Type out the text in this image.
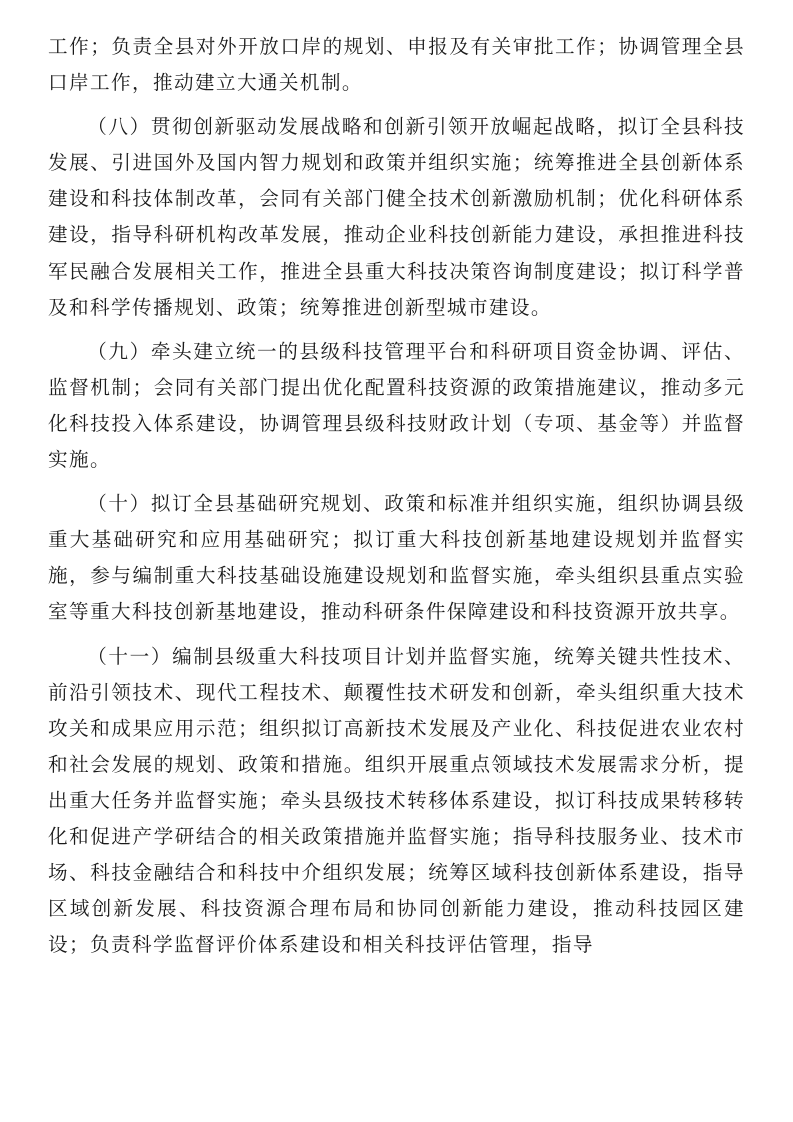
工作；负责全县对外开放口岸的规划、申报及有关审批工作；协调管理全县口岸工作，推动建立大通关机制。

（八）贯彻创新驱动发展战略和创新引领开放崛起战略，拟订全县科技发展、引进国外及国内智力规划和政策并组织实施；统筹推进全县创新体系建设和科技体制改革，会同有关部门健全技术创新激励机制；优化科研体系建设，指导科研机构改革发展，推动企业科技创新能力建设，承担推进科技军民融合发展相关工作，推进全县重大科技决策咨询制度建设；拟订科学普及和科学传播规划、政策；统筹推进创新型城市建设。

（九）牵头建立统一的县级科技管理平台和科研项目资金协调、评估、监督机制；会同有关部门提出优化配置科技资源的政策措施建议，推动多元化科技投入体系建设，协调管理县级科技财政计划（专项、基金等）并监督实施。

（十）拟订全县基础研究规划、政策和标准并组织实施，组织协调县级重大基础研究和应用基础研究；拟订重大科技创新基地建设规划并监督实施，参与编制重大科技基础设施建设规划和监督实施，牵头组织县重点实验室等重大科技创新基地建设，推动科研条件保障建设和科技资源开放共享。

（十一）编制县级重大科技项目计划并监督实施，统筹关键共性技术、前沿引领技术、现代工程技术、颠覆性技术研发和创新，牵头组织重大技术攻关和成果应用示范；组织拟订高新技术发展及产业化、科技促进农业农村和社会发展的规划、政策和措施。组织开展重点领域技术发展需求分析，提出重大任务并监督实施；牵头县级技术转移体系建设，拟订科技成果转移转化和促进产学研结合的相关政策措施并监督实施；指导科技服务业、技术市场、科技金融结合和科技中介组织发展；统筹区域科技创新体系建设，指导区域创新发展、科技资源合理布局和协同创新能力建设，推动科技园区建设；负责科学监督评价体系建设和相关科技评估管理，指导
